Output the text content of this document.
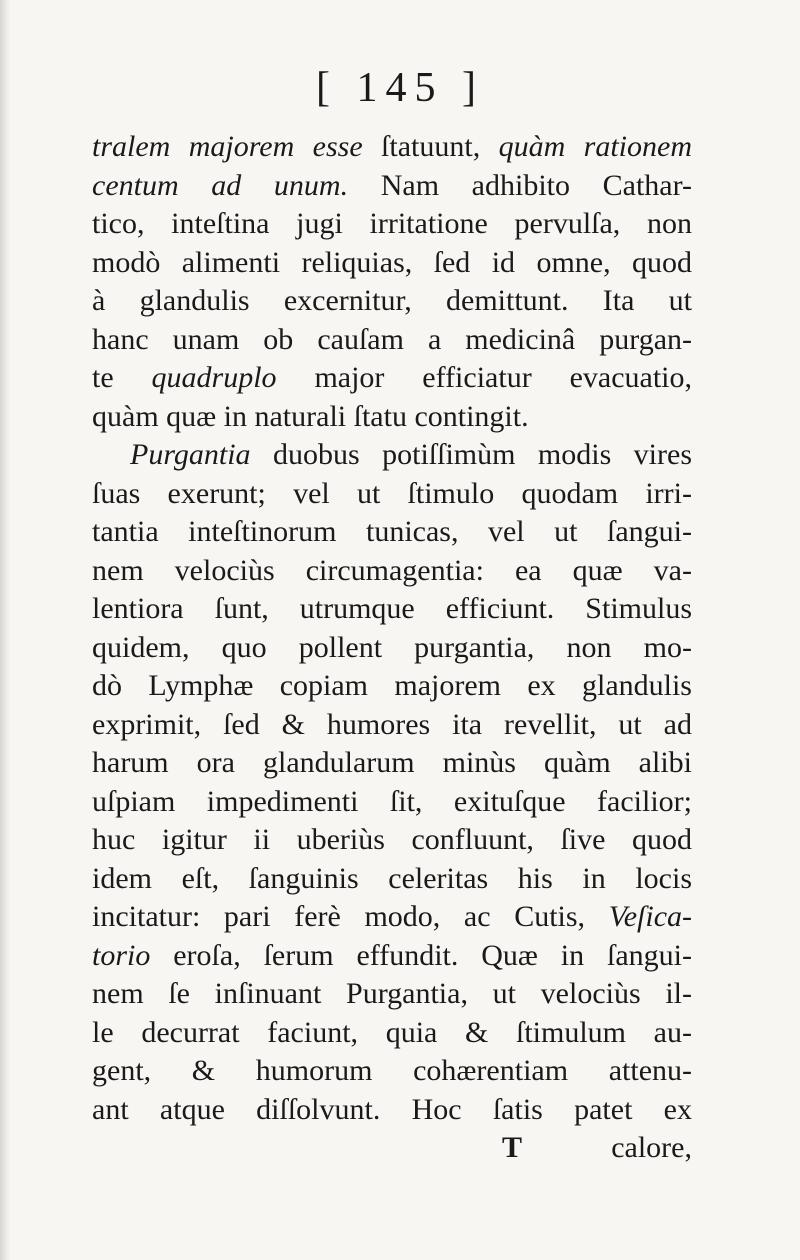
[ 145 ]
tralem majorem esse ſtatuunt, quàm rationem
centum ad unum. Nam adhibito Cathar-
tico, inteſtina jugi irritatione pervulſa, non
modò alimenti reliquias, ſed id omne, quod
à glandulis excernitur, demittunt. Ita ut
hanc unam ob cauſam a medicinâ purgan-
te quadruplo major efficiatur evacuatio,
quàm quæ in naturali ſtatu contingit.
Purgantia duobus potiſſimùm modis vires
ſuas exerunt; vel ut ſtimulo quodam irri-
tantia inteſtinorum tunicas, vel ut ſangui-
nem velociùs circumagentia: ea quæ va-
lentiora ſunt, utrumque efficiunt. Stimulus
quidem, quo pollent purgantia, non mo-
dò Lymphæ copiam majorem ex glandulis
exprimit, ſed & humores ita revellit, ut ad
harum ora glandularum minùs quàm alibi
uſpiam impedimenti ſit, exituſque facilior;
huc igitur ii uberiùs confluunt, ſive quod
idem eſt, ſanguinis celeritas his in locis
incitatur: pari ferè modo, ac Cutis, Veſica-
torio eroſa, ſerum effundit. Quæ in ſangui-
nem ſe inſinuant Purgantia, ut velociùs il-
le decurrat faciunt, quia & ſtimulum au-
gent, & humorum cohærentiam attenu-
ant atque diſſolvunt. Hoc ſatis patet ex
T	calore,
